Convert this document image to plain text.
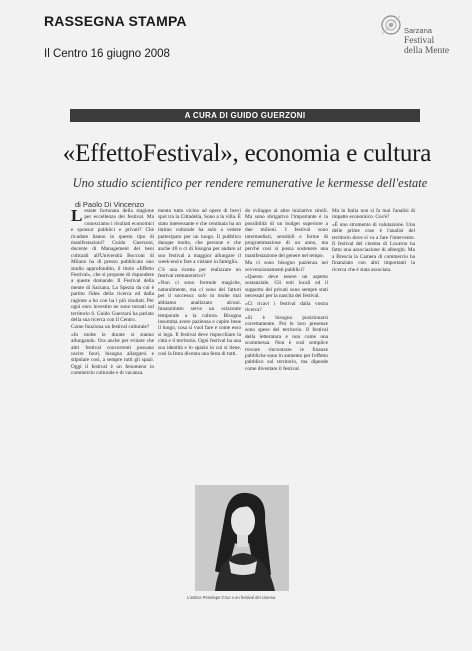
RASSEGNA STAMPA
Il Centro 16 giugno 2008
Sarzana
Festival
della Mente
A CURA DI GUIDO GUERZONI
«EffettoFestival», economia e cultura
Uno studio scientifico per rendere remunerative le kermesse dell'estate
di Paolo Di Vincenzo

Lestate fortunata della stagione per eccellenza dei festival. Ma conosciamo i risultati economici e sponsor pubblici e privati? Che ricadute hanno in questo tipo di manifestazioni? Guido Guerzoni, docente di Management dei beni culturali all'Università Bocconi di Milano ha di presso pubblicato uno studio approfondito, il titolo «Effetto Festival», che si propone di rispondere a queste domande. Il Festival della mente di Sarzana, La Spezia da cui è partito l'idea della ricerca ed dalla ragione a ho con ha i più risultati. Per ogni euro investito ne sono tornati sul territorio 6. Guido Guerzoni ha parlato della sua ricerca con Il Centro.

Come funziona un festival culturale?

«In molte le durate si stanno allungando. Ora anche per evitare che altri festival concorrenti possano uscire fuori, bisogna allargarsi e stipulare così, a sempre tutti gli spazi. Oggi il festival è un fenomeno in commercio culturale e di vacanza.

mento tutto vicino ad opere di brevi spot tra la Cittadella, Sono a la villa. È stato interessante e che centinaia ha un intimo culturale ha solo a vedere partecipato per un luogo. Il pubblico dunque molto, che persone e che anche 40 o ci di bisogna per andare al suo festival a maggior allungare il week-end e fare a visitare in famiglia.

C'è una ricetta per realizzare un festival remunerativo?

«Non ci sono formule magiche, naturalmente, ma ci sono dei fattori per il successo: solo in molte mai abbiamo analizzato alcuni. Innanzitutto serve un orizzonte temporale a la cultura. Bisogna insomma avere pazienza e capire bene il luogo, cosa si vuol fare e come esso si lega. Il festival deve rispecchiare la città e il territorio. Ogni festival ha una sua identità e lo spazio in cui si tiene, così la festa diventa una festa di tutti.

do sviluppo al altre iniziative simili. Ma sono sbrigativo l'importante è la possibilità di un budget superiore a due milioni. I festival sono intermediari, sensibili e forme di programmazione di un anno, ma perché così si possa sostenere una manifestazione del genere nel tempo.

Ma ci sono bisogno pazienza nei sovvenzionamenti pubblici?

«Questo deve essere un aspetto sostanziale. Gli enti locali ed il supporto dei privati sono sempre stati necessari per la nascita dei festival.

«Ci ricavi i festival dalla vostra ricerca?

«Si è bisogna posizionarsi correttamente. Poi le loro presenze sono spese del territorio. Il festival della letteratura e non come una scommessa. Non è così semplice trovare rincontrare le finanze pubbliche sono in aumento per l'effetto pubblico sul territorio, ma dipende come diventare il festival.

Ma in Italia non si fa mai l'analisi di impatto economico. Cos'è?

«È uno strumento di valutazione. Una delle prime cose è l'analisi del territorio dove si va a fare l'intervento. Il festival del cinema di Locarno ha fatto una associazione di alberghi. Ma a Brescia la Camera di commercio ha finanziato con altri importanti la ricerca che è stata associata.

L'attrice Penelope Cruz a un festival del cinema
